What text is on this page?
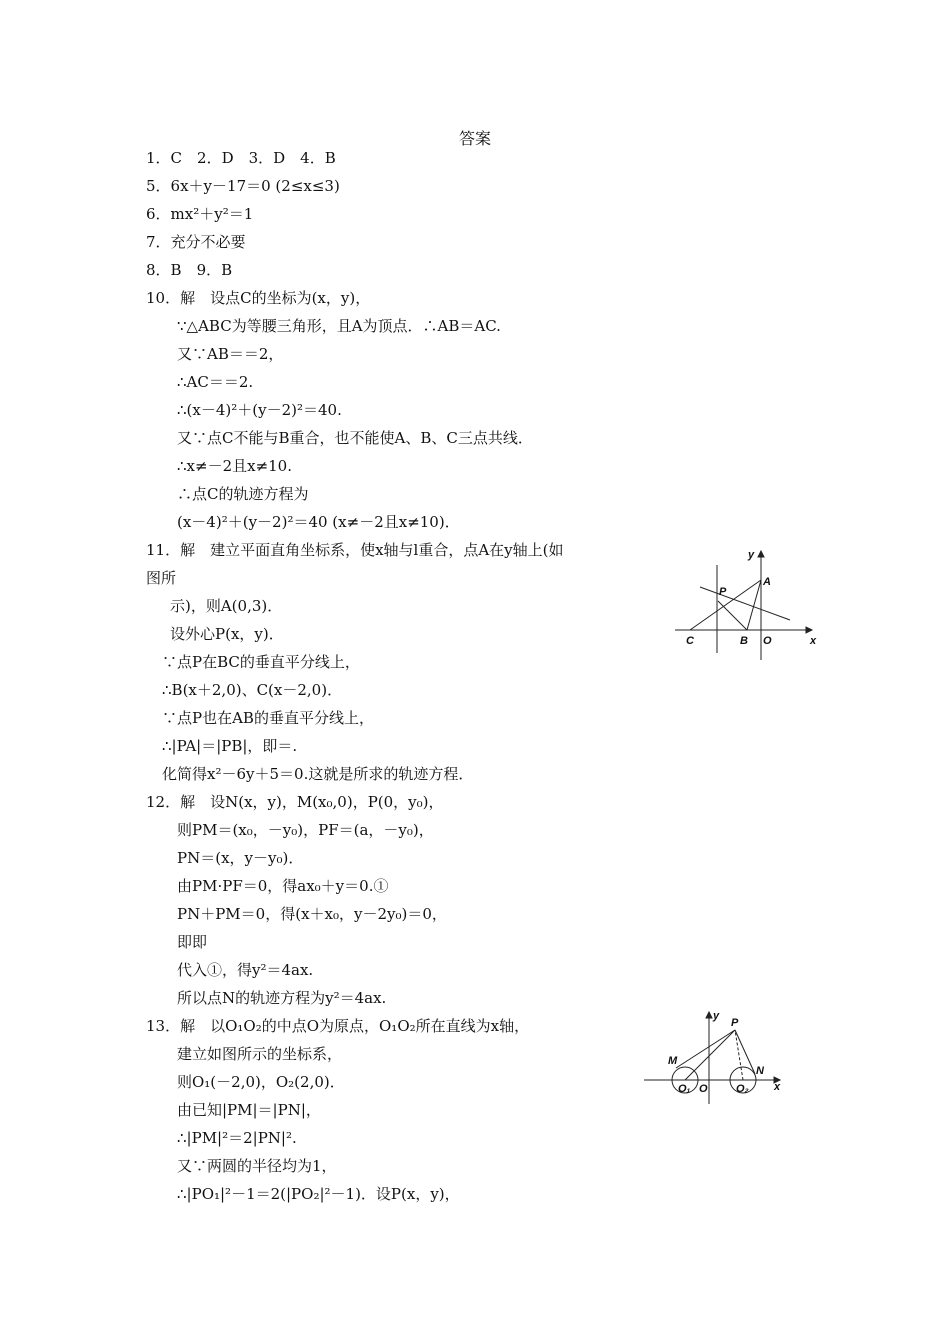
答案
1．C　2．D　3．D　4．B
5．6x＋y－17＝0 (2≤x≤3)
6．mx²＋y²＝1
7．充分不必要
8．B　9．B
10．解　设点C的坐标为(x，y)，
∵△ABC为等腰三角形，且A为顶点．∴AB＝AC.
又∵AB＝＝2，
∴AC＝＝2.
∴(x－4)²＋(y－2)²＝40.
又∵点C不能与B重合，也不能使A、B、C三点共线．
∴x≠－2且x≠10.
∴点C的轨迹方程为
(x－4)²＋(y－2)²＝40 (x≠－2且x≠10)．
11．解　建立平面直角坐标系，使x轴与l重合，点A在y轴上(如
图所
示)，则A(0,3)．
设外心P(x，y)．
∵点P在BC的垂直平分线上，
∴B(x＋2,0)、C(x－2,0)．
∵点P也在AB的垂直平分线上，
∴|PA|＝|PB|，即＝.
化简得x²－6y＋5＝0.这就是所求的轨迹方程．
12．解　设N(x，y)，M(x₀,0)，P(0，y₀)，
则PM＝(x₀，－y₀)，PF＝(a，－y₀)，
PN＝(x，y－y₀)．
由PM·PF＝0，得ax₀＋y＝0.①
PN＋PM＝0，得(x＋x₀，y－2y₀)＝0，
即即
代入①，得y²＝4ax.
所以点N的轨迹方程为y²＝4ax.
13．解　以O₁O₂的中点O为原点，O₁O₂所在直线为x轴，
建立如图所示的坐标系，
则O₁(－2,0)，O₂(2,0)．
由已知|PM|＝|PN|，
∴|PM|²＝2|PN|².
又∵两圆的半径均为1，
∴|PO₁|²－1＝2(|PO₂|²－1)．设P(x，y)，
y
P
A
C	B O	x
y
P
M
N
O₁ O	O₂ x
